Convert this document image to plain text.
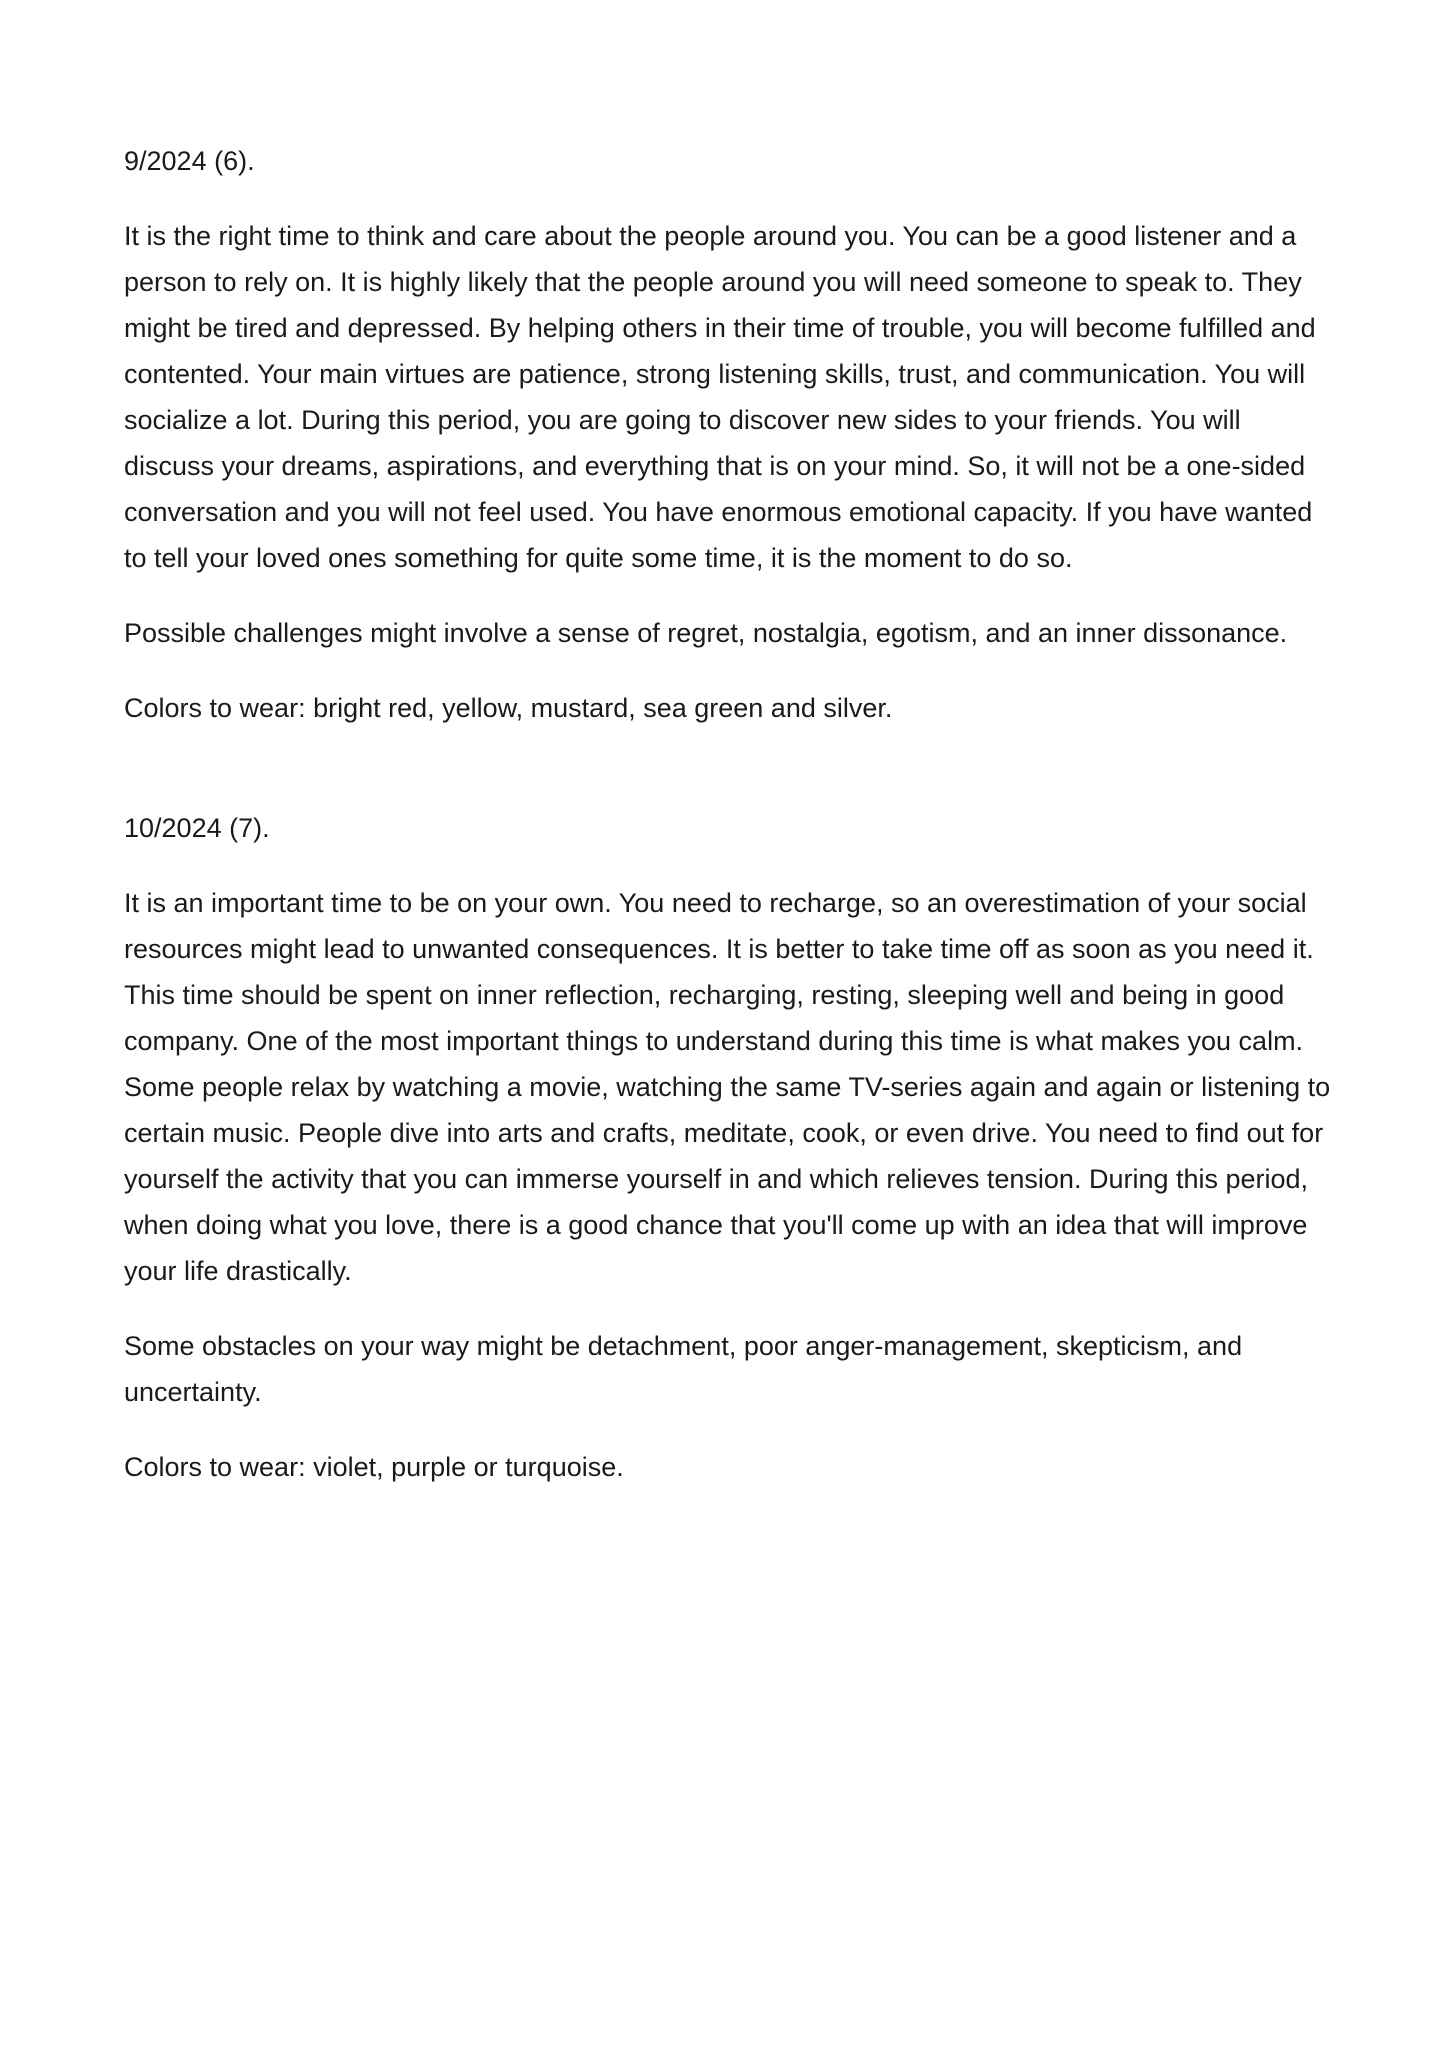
9/2024 (6).

It is the right time to think and care about the people around you. You can be a good listener and a person to rely on. It is highly likely that the people around you will need someone to speak to. They might be tired and depressed. By helping others in their time of trouble, you will become fulfilled and contented. Your main virtues are patience, strong listening skills, trust, and communication. You will socialize a lot. During this period, you are going to discover new sides to your friends. You will discuss your dreams, aspirations, and everything that is on your mind. So, it will not be a one-sided conversation and you will not feel used. You have enormous emotional capacity. If you have wanted to tell your loved ones something for quite some time, it is the moment to do so.

Possible challenges might involve a sense of regret, nostalgia, egotism, and an inner dissonance.

Colors to wear: bright red, yellow, mustard, sea green and silver.

10/2024 (7).

It is an important time to be on your own. You need to recharge, so an overestimation of your social resources might lead to unwanted consequences. It is better to take time off as soon as you need it. This time should be spent on inner reflection, recharging, resting, sleeping well and being in good company. One of the most important things to understand during this time is what makes you calm. Some people relax by watching a movie, watching the same TV-series again and again or listening to certain music. People dive into arts and crafts, meditate, cook, or even drive. You need to find out for yourself the activity that you can immerse yourself in and which relieves tension. During this period, when doing what you love, there is a good chance that you'll come up with an idea that will improve your life drastically.

Some obstacles on your way might be detachment, poor anger-management, skepticism, and uncertainty.

Colors to wear: violet, purple or turquoise.
